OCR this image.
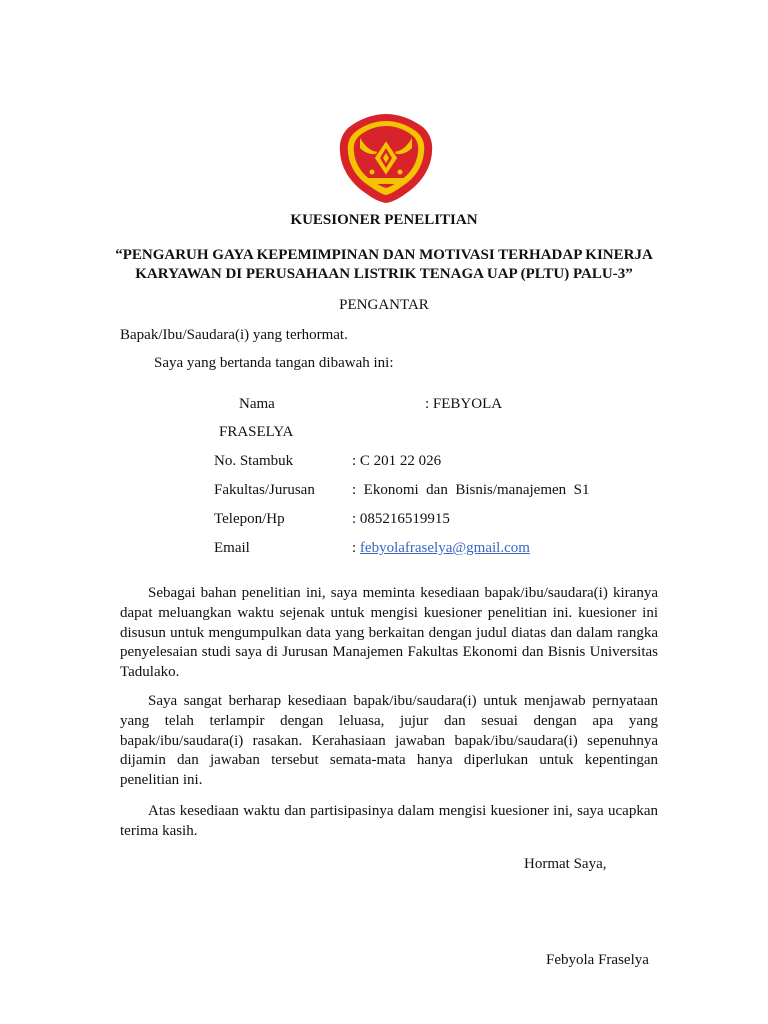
KUESIONER PENELITIAN
“PENGARUH GAYA KEPEMIMPINAN DAN MOTIVASI TERHADAP KINERJA
KARYAWAN DI PERUSAHAAN LISTRIK TENAGA UAP (PLTU) PALU-3”
PENGANTAR
Bapak/Ibu/Saudara(i) yang terhormat.
Saya yang bertanda tangan dibawah ini:
Nama	: FEBYOLA
FRASELYA
No. Stambuk	: C 201 22 026
Fakultas/Jurusan :  Ekonomi  dan  Bisnis/manajemen  S1
Telepon/Hp	: 085216519915
Email	: febyolafraselya@gmail.com
Sebagai bahan penelitian ini, saya meminta kesediaan bapak/ibu/saudara(i) kiranya dapat meluangkan waktu sejenak untuk mengisi kuesioner penelitian ini. kuesioner ini disusun untuk mengumpulkan data yang berkaitan dengan judul diatas dan dalam rangka penyelesaian studi saya di Jurusan Manajemen Fakultas Ekonomi dan Bisnis Universitas Tadulako.
Saya sangat berharap kesediaan bapak/ibu/saudara(i) untuk menjawab pernyataan yang telah terlampir dengan leluasa, jujur dan sesuai dengan apa yang bapak/ibu/saudara(i) rasakan. Kerahasiaan jawaban bapak/ibu/saudara(i) sepenuhnya dijamin dan jawaban tersebut semata-mata hanya diperlukan untuk kepentingan penelitian ini.
Atas kesediaan waktu dan partisipasinya dalam mengisi kuesioner ini, saya ucapkan terima kasih.
Hormat Saya,
Febyola Fraselya
